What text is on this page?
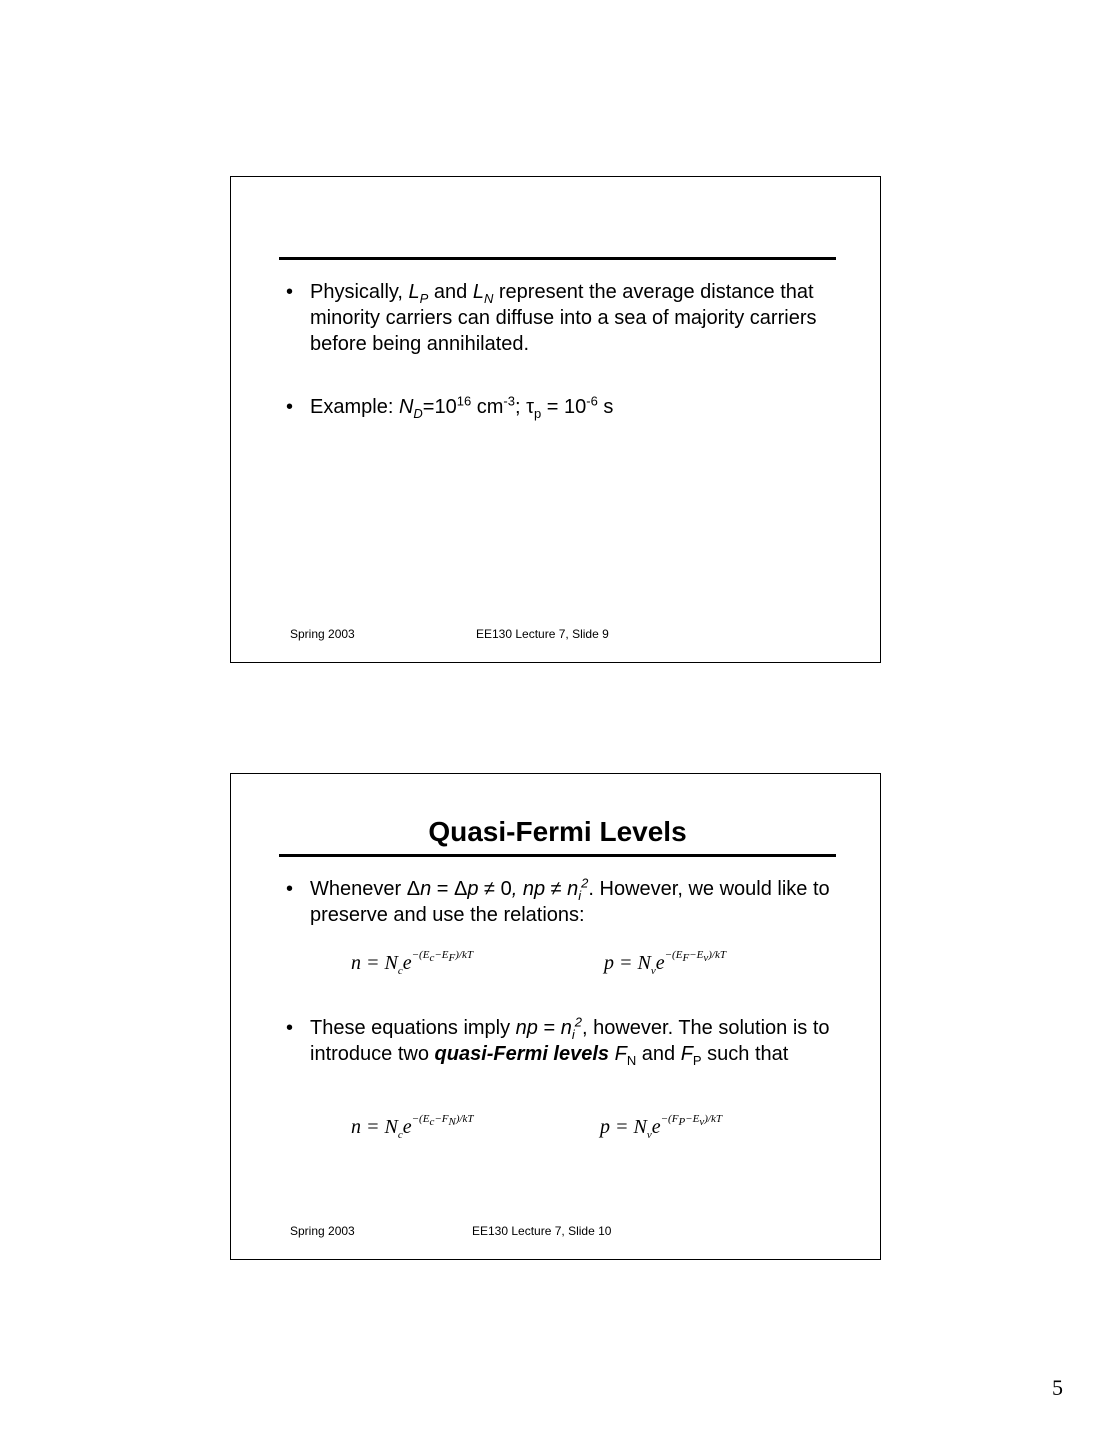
• Physically, $L_P$ and $L_N$ represent the average distance that minority carriers can diffuse into a sea of majority carriers before being annihilated.
• Example: $N_D=10^{16}$ $cm^{-3}$; $\tau_p = 10^{-6}$ s
Spring 2003	EE130 Lecture 7, Slide 9
Quasi-Fermi Levels
• Whenever Δn = Δp ≠ 0, np ≠ $n_i^2$. However, we would like to preserve and use the relations:
$n = N_ce^{-(E_c-E_F)/kT}$	$p = N_ve^{-(E_F-E_v)/kT}$
• These equations imply np = $n_i^2$, however. The solution is to introduce two quasi-Fermi levels $F_N$ and $F_P$ such that
$n = N_ce^{-(E_c-F_N)/kT}$	$p = N_ve^{-(F_P-E_v)/kT}$
Spring 2003	EE130 Lecture 7, Slide 10
5
